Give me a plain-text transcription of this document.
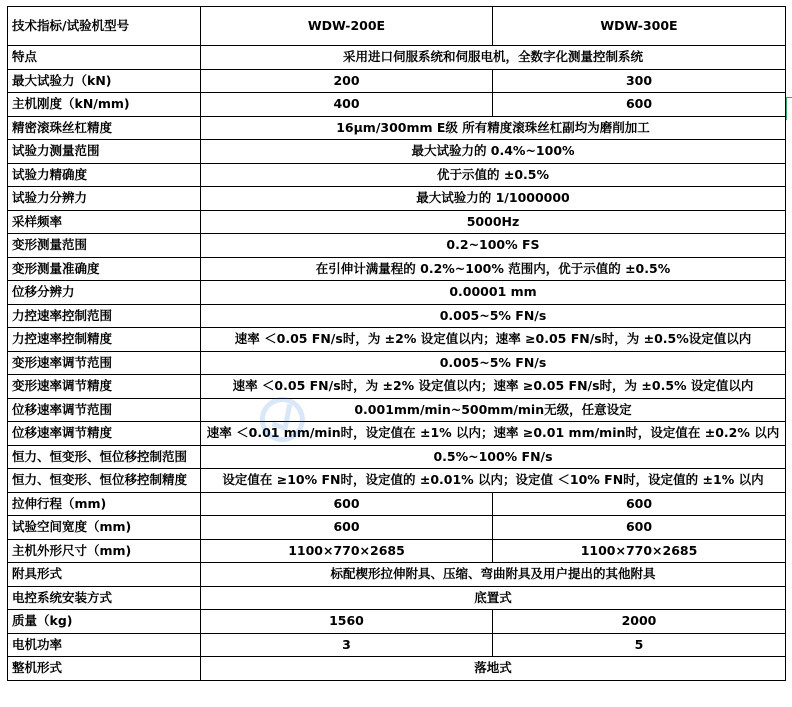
技术指标/试验机型号	WDW-200E	WDW-300E
特点	采用进口伺服系统和伺服电机，全数字化测量控制系统	
最大试验力（kN)	200	300
主机刚度（kN/mm)	400	600
精密滚珠丝杠精度	16μm/300mm E级 所有精度滚珠丝杠副均为磨削加工	
试验力测量范围	最大试验力的 0.4%~100%	
试验力精确度	优于示值的 ±0.5%	
试验力分辨力	最大试验力的 1/1000000	
采样频率	5000Hz	
变形测量范围	0.2~100% FS	
变形测量准确度	在引伸计满量程的 0.2%~100% 范围内，优于示值的 ±0.5%	
位移分辨力	0.00001 mm	
力控速率控制范围	0.005~5% FN/s	
力控速率控制精度	速率 ＜0.05 FN/s时，为 ±2% 设定值以内；速率 ≥0.05 FN/s时，为 ±0.5%设定值以内	
变形速率调节范围	0.005~5% FN/s	
变形速率调节精度	速率 ＜0.05 FN/s时，为 ±2% 设定值以内；速率 ≥0.05 FN/s时，为 ±0.5% 设定值以内	
位移速率调节范围	0.001mm/min~500mm/min无级，任意设定	
位移速率调节精度	速率 ＜0.01 mm/min时，设定值在 ±1% 以内；速率 ≥0.01 mm/min时，设定值在 ±0.2% 以内	
恒力、恒变形、恒位移控制范围	0.5%~100% FN/s	
恒力、恒变形、恒位移控制精度	设定值在 ≥10% FN时，设定值的 ±0.01% 以内；设定值 ＜10% FN时，设定值的 ±1% 以内	
拉伸行程（mm)	600	600
试验空间宽度（mm)	600	600
主机外形尺寸（mm)	1100×770×2685	1100×770×2685
附具形式	标配楔形拉伸附具、压缩、弯曲附具及用户提出的其他附具	
电控系统安装方式	底置式	
质量（kg)	1560	2000
电机功率	3	5
整机形式	落地式	
